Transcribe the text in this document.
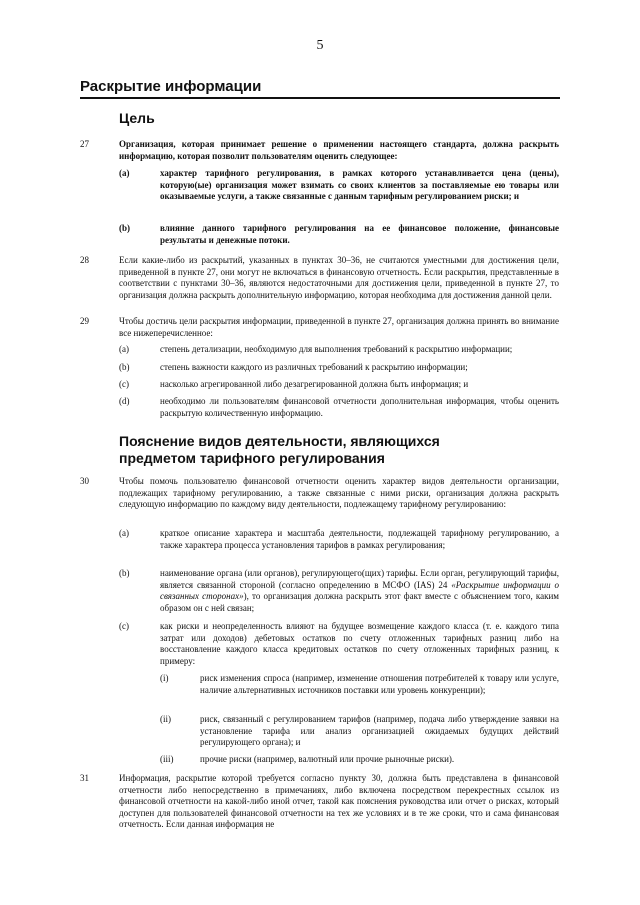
5
Раскрытие информации
Цель
27	Организация, которая принимает решение о применении настоящего стандарта, должна раскрыть информацию, которая позволит пользователям оценить следующее:
(a)	характер тарифного регулирования, в рамках которого устанавливается цена (цены), которую(ые) организация может взимать со своих клиентов за поставляемые ею товары или оказываемые услуги, а также связанные с данным тарифным регулированием риски; и
(b)	влияние данного тарифного регулирования на ее финансовое положение, финансовые результаты и денежные потоки.
28	Если какие-либо из раскрытий, указанных в пунктах 30–36, не считаются уместными для достижения цели, приведенной в пункте 27, они могут не включаться в финансовую отчетность. Если раскрытия, представленные в соответствии с пунктами 30–36, являются недостаточными для достижения цели, приведенной в пункте 27, то организация должна раскрыть дополнительную информацию, которая необходима для достижения данной цели.
29	Чтобы достичь цели раскрытия информации, приведенной в пункте 27, организация должна принять во внимание все нижеперечисленное:
(a)	степень детализации, необходимую для выполнения требований к раскрытию информации;
(b)	степень важности каждого из различных требований к раскрытию информации;
(c)	насколько агрегированной либо дезагрегированной должна быть информация; и
(d)	необходимо ли пользователям финансовой отчетности дополнительная информация, чтобы оценить раскрытую количественную информацию.
Пояснение видов деятельности, являющихся предметом тарифного регулирования
30	Чтобы помочь пользователю финансовой отчетности оценить характер видов деятельности организации, подлежащих тарифному регулированию, а также связанные с ними риски, организация должна раскрыть следующую информацию по каждому виду деятельности, подлежащему тарифному регулированию:
(a)	краткое описание характера и масштаба деятельности, подлежащей тарифному регулированию, а также характера процесса установления тарифов в рамках регулирования;
(b)	наименование органа (или органов), регулирующего(щих) тарифы. Если орган, регулирующий тарифы, является связанной стороной (согласно определению в МСФО (IAS) 24 «Раскрытие информации о связанных сторонах»), то организация должна раскрыть этот факт вместе с объяснением того, каким образом он с ней связан;
(c)	как риски и неопределенность влияют на будущее возмещение каждого класса (т. е. каждого типа затрат или доходов) дебетовых остатков по счету отложенных тарифных разниц либо на восстановление каждого класса кредитовых остатков по счету отложенных тарифных разниц, к примеру:
(i)	риск изменения спроса (например, изменение отношения потребителей к товару или услуге, наличие альтернативных источников поставки или уровень конкуренции);
(ii)	риск, связанный с регулированием тарифов (например, подача либо утверждение заявки на установление тарифа или анализ организацией ожидаемых будущих действий регулирующего органа); и
(iii)	прочие риски (например, валютный или прочие рыночные риски).
31	Информация, раскрытие которой требуется согласно пункту 30, должна быть представлена в финансовой отчетности либо непосредственно в примечаниях, либо включена посредством перекрестных ссылок из финансовой отчетности на какой-либо иной отчет, такой как пояснения руководства или отчет о рисках, который доступен для пользователей финансовой отчетности на тех же условиях и в те же сроки, что и сама финансовая отчетность. Если данная информация не
